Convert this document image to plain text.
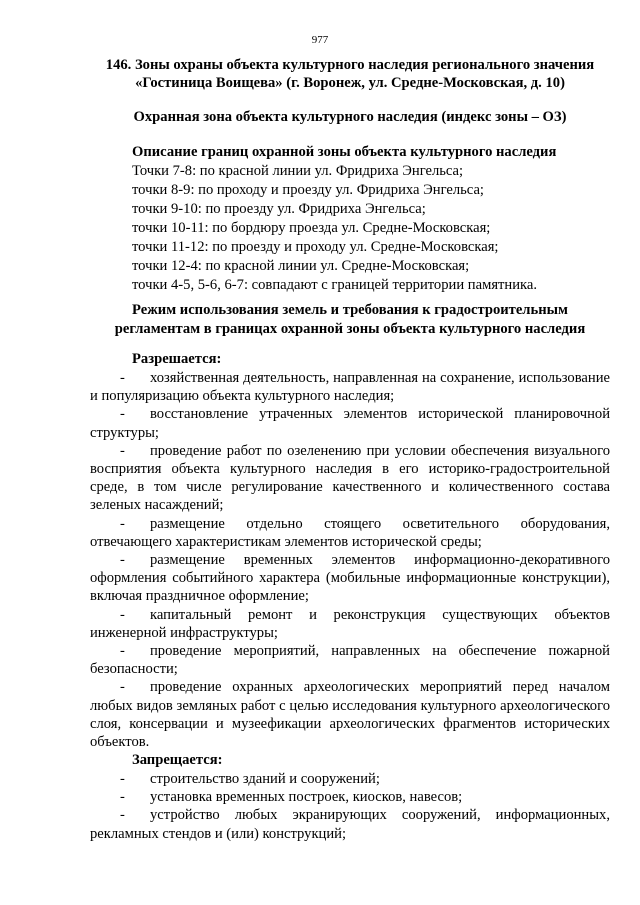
977
146. Зоны охраны объекта культурного наследия регионального значения
«Гостиница Воищева» (г. Воронеж, ул. Средне-Московская, д. 10)
Охранная зона объекта культурного наследия (индекс зоны – ОЗ)
Описание границ охранной зоны объекта культурного наследия
Точки 7-8: по красной линии ул. Фридриха Энгельса;
точки 8-9: по проходу и проезду ул. Фридриха Энгельса;
точки 9-10: по проезду ул. Фридриха Энгельса;
точки 10-11: по бордюру проезда ул. Средне-Московская;
точки 11-12: по проезду и проходу ул. Средне-Московская;
точки 12-4: по красной линии ул. Средне-Московская;
точки 4-5, 5-6, 6-7: совпадают с границей территории памятника.
Режим использования земель и требования к градостроительным
регламентам в границах охранной зоны объекта культурного наследия
Разрешается:
-
хозяйственная деятельность, направленная на сохранение, использование и популяризацию объекта культурного наследия;
-
восстановление утраченных элементов исторической планировочной структуры;
-
проведение работ по озеленению при условии обеспечения визуального восприятия объекта культурного наследия в его историко-градостроительной среде, в том числе регулирование качественного и количественного состава зеленых насаждений;
-
размещение отдельно стоящего осветительного оборудования, отвечающего характеристикам элементов исторической среды;
-
размещение временных элементов информационно-декоративного оформления событийного характера (мобильные информационные конструкции), включая праздничное оформление;
-
капитальный ремонт и реконструкция существующих объектов инженерной инфраструктуры;
-
проведение мероприятий, направленных на обеспечение пожарной безопасности;
-
проведение охранных археологических мероприятий перед началом любых видов земляных работ с целью исследования культурного археологического слоя, консервации и музеефикации археологических фрагментов исторических объектов.
Запрещается:
-
строительство зданий и сооружений;
-
установка временных построек, киосков, навесов;
-
устройство любых экранирующих сооружений, информационных, рекламных стендов и (или) конструкций;
